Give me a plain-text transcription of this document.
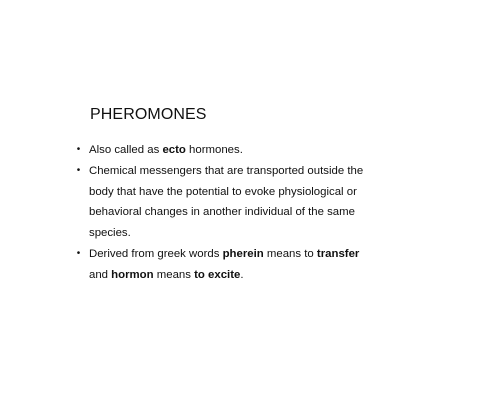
PHEROMONES
• Also called as ecto hormones.
• Chemical messengers that are transported outside the body that have the potential to evoke physiological or behavioral changes in another individual of the same species.
• Derived from greek words pherein means to transfer and hormon means to excite.
